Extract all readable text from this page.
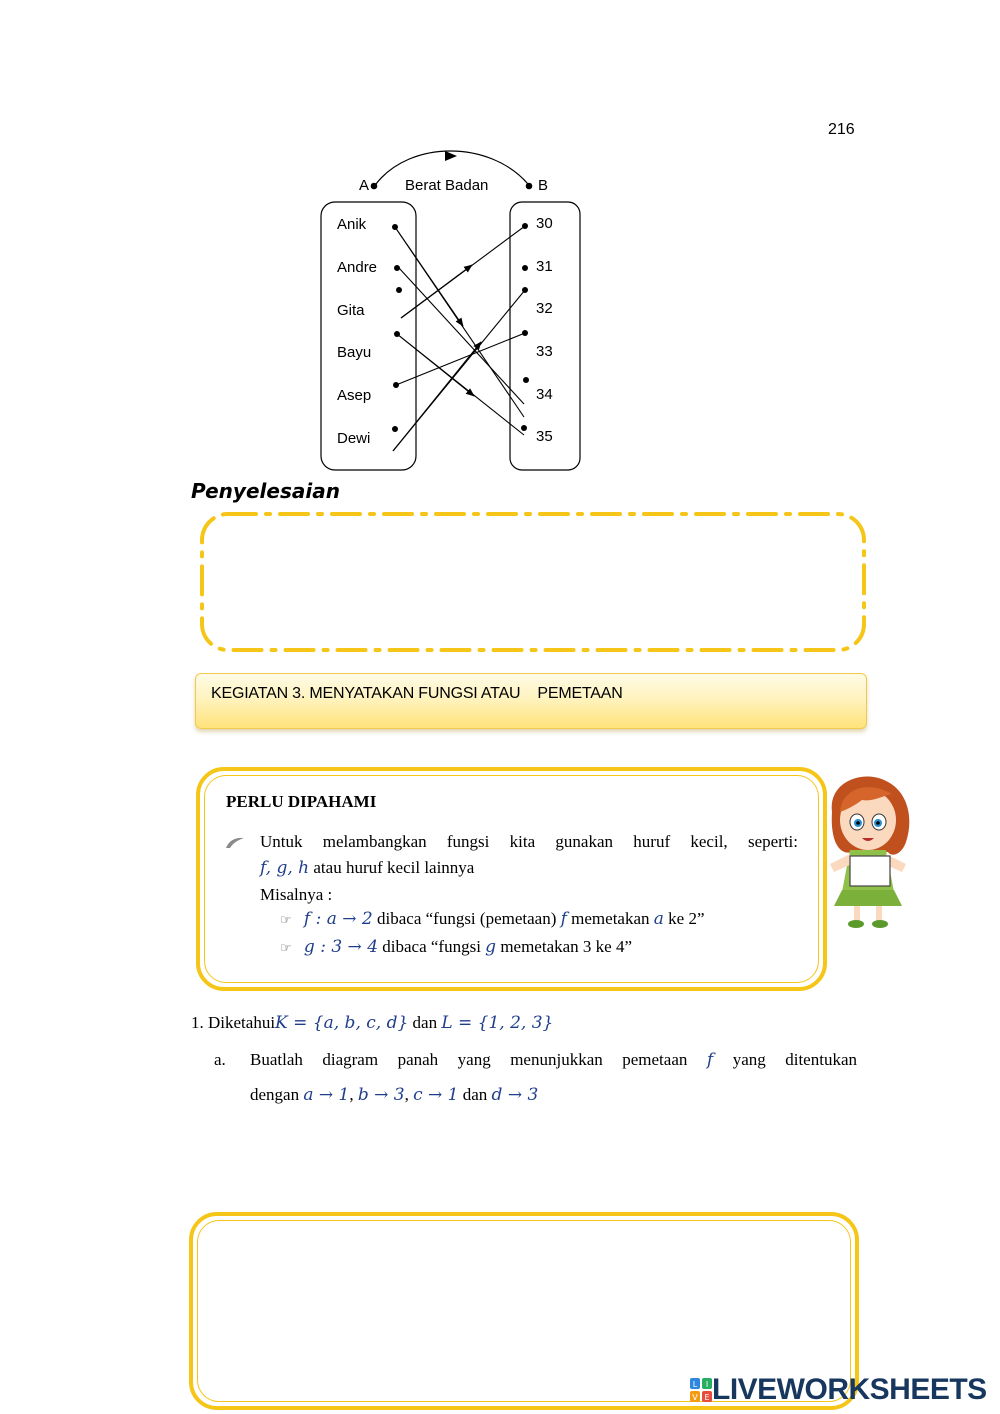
216
A Berat Badan	B
Anik
Andre
Gita
Bayu
Asep
Dewi
30
31
32
33
34
35
Penyelesaian
KEGIATAN 3. MENYATAKAN FUNGSI ATAU    PEMETAAN
PERLU DIPAHAMI
Untuk melambangkan fungsi kita gunakan huruf kecil, seperti:
f, g, h atau huruf kecil lainnya
Misalnya :
☞ f : a → 2 dibaca “fungsi (pemetaan) f memetakan a ke 2”
☞ g : 3 → 4 dibaca “fungsi g memetakan 3 ke 4”
1. DiketahuiK = {a, b, c, d} dan L = {1, 2, 3}
a. Buatlah diagram panah yang menunjukkan pemetaan f yang ditentukan
dengan a → 1, b → 3, c → 1 dan d → 3
L I
V E LIVEWORKSHEETS
